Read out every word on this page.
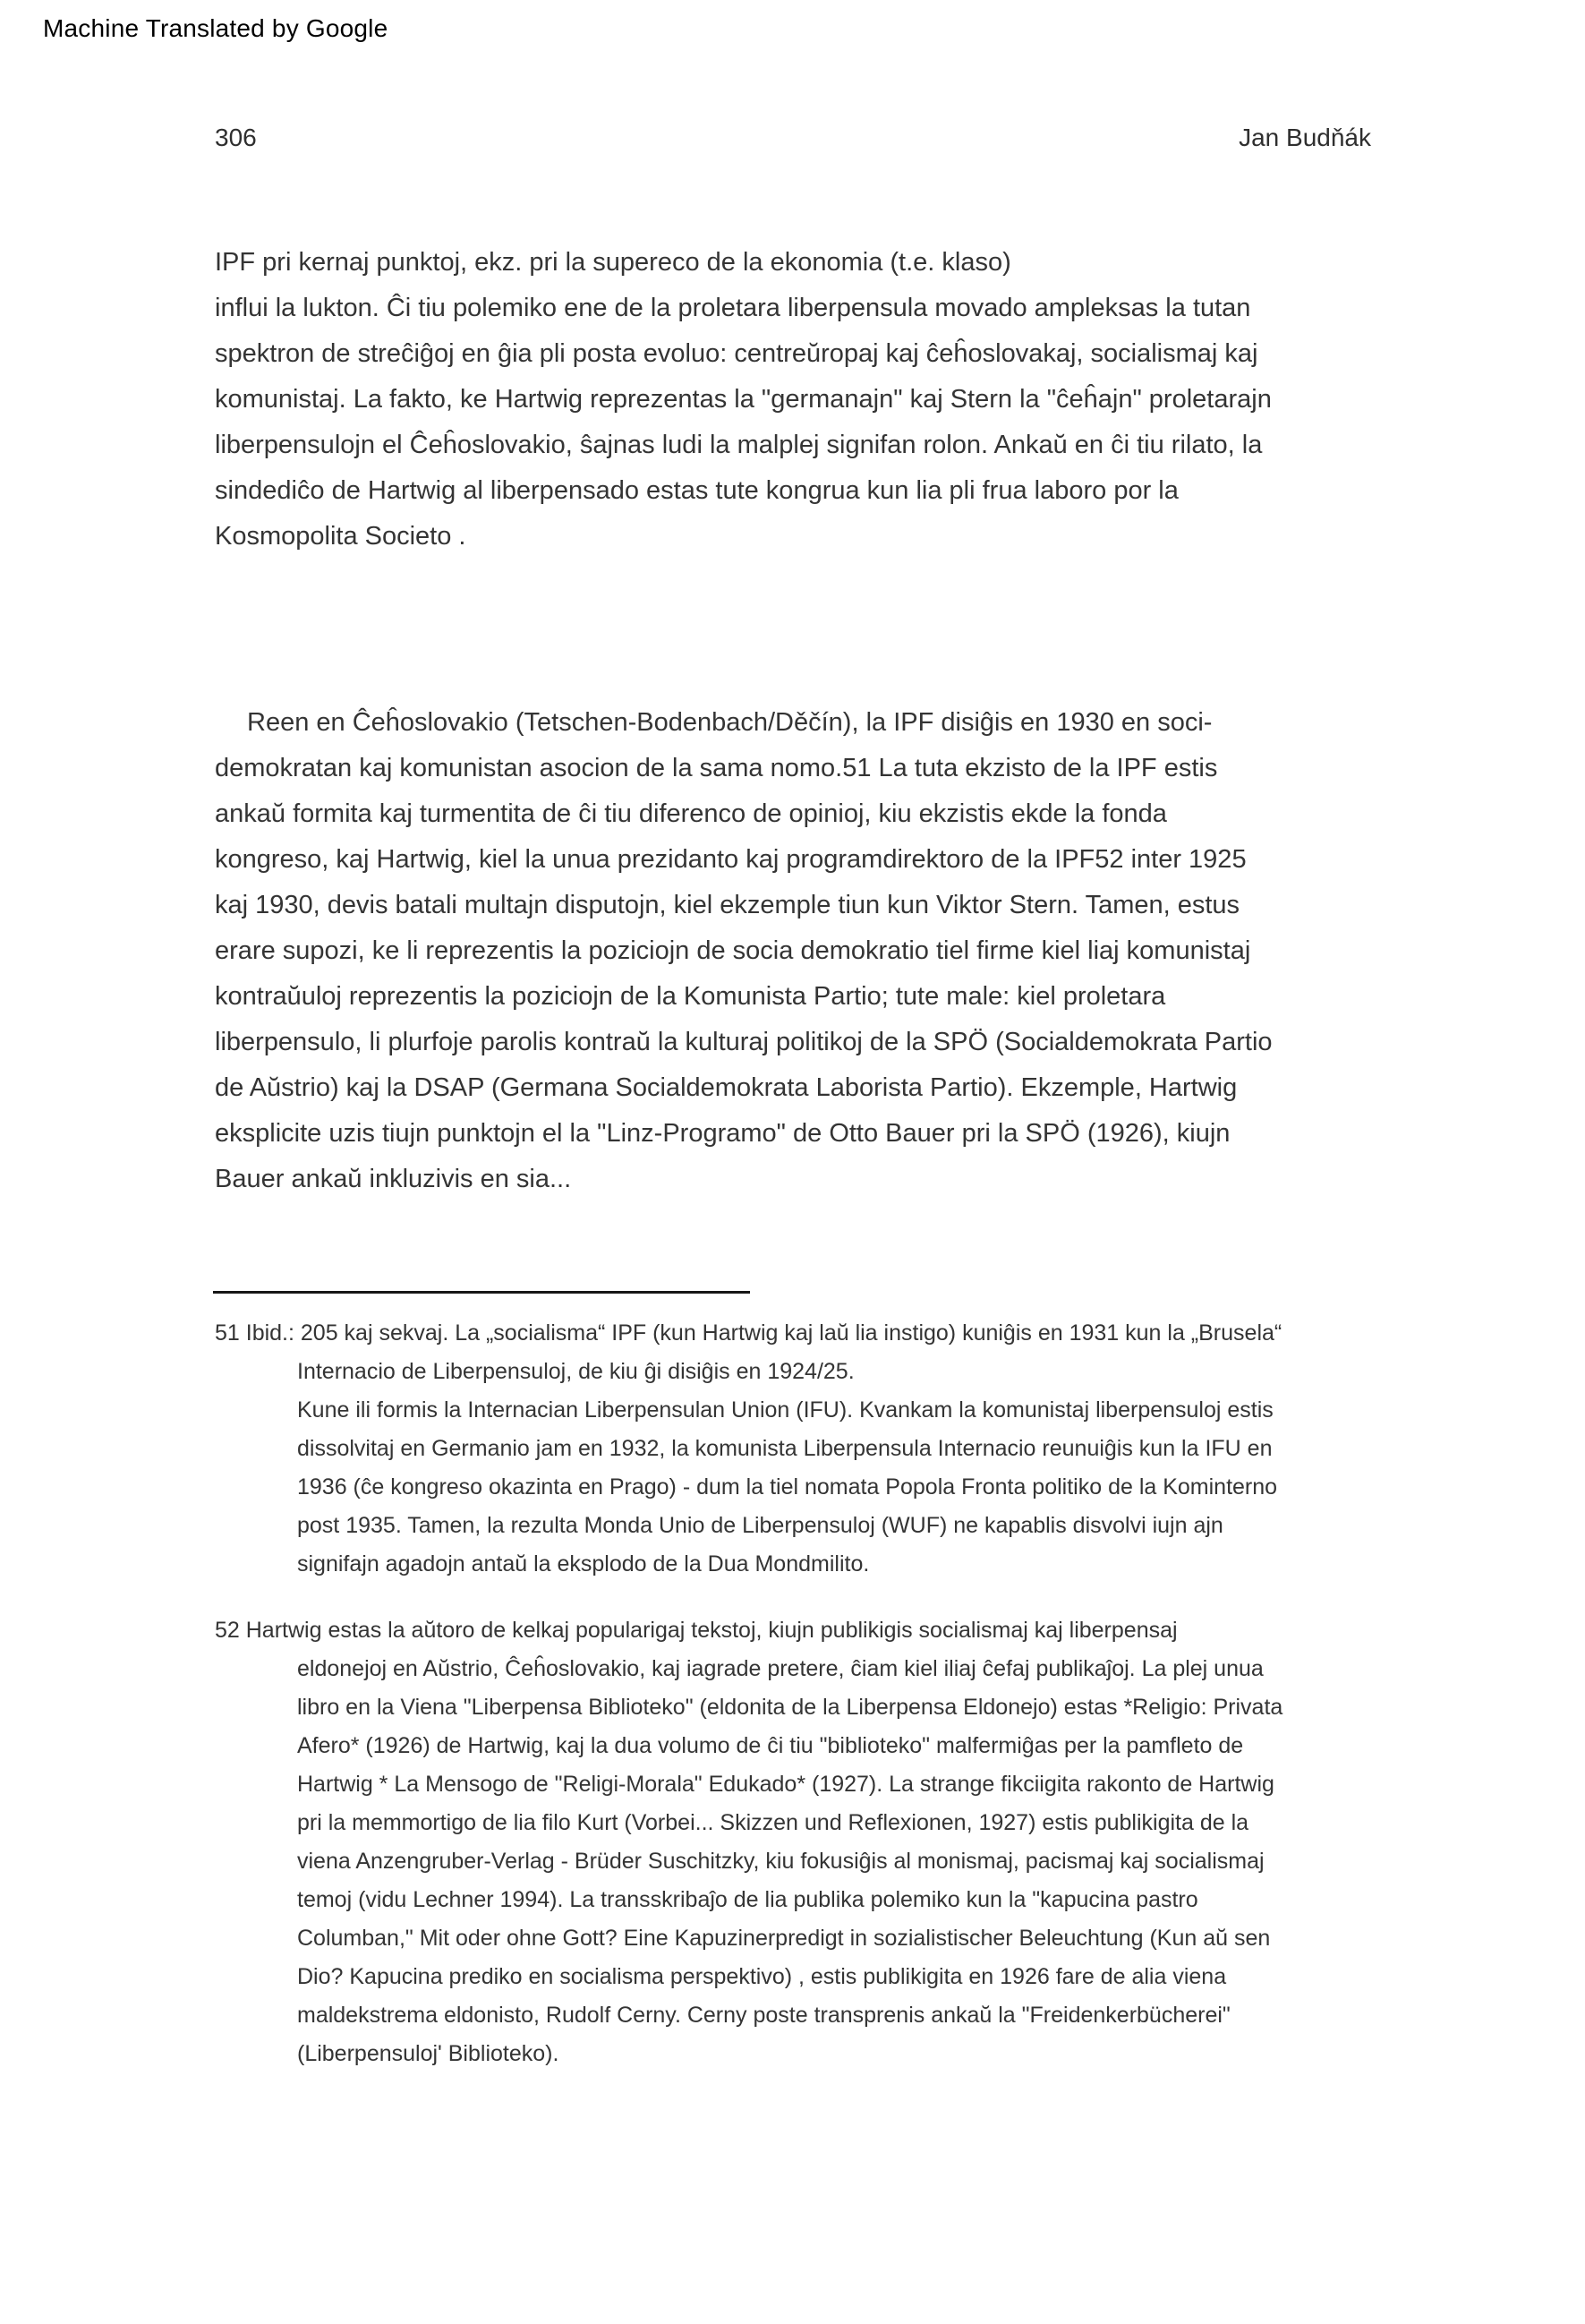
Machine Translated by Google
306	Jan Budňák
IPF pri kernaj punktoj, ekz. pri la supereco de la ekonomia (t.e. klaso)
influi la lukton. Ĉi tiu polemiko ene de la proletara liberpensula movado ampleksas la tutan
spektron de streĉiĝoj en ĝia pli posta evoluo: centreŭropaj kaj ĉeĥoslovakaj, socialismaj kaj
komunistaj. La fakto, ke Hartwig reprezentas la "germanajn" kaj Stern la "ĉeĥajn" proletarajn
liberpensulojn el Ĉeĥoslovakio, ŝajnas ludi la malplej signifan rolon. Ankaŭ en ĉi tiu rilato, la
sindediĉo de Hartwig al liberpensado estas tute kongrua kun lia pli frua laboro por la
Kosmopolita Societo .
Reen en Ĉeĥoslovakio (Tetschen-Bodenbach/Děčín), la IPF disiĝis en 1930 en soci-
demokratan kaj komunistan asocion de la sama nomo.51 La tuta ekzisto de la IPF estis
ankaŭ formita kaj turmentita de ĉi tiu diferenco de opinioj, kiu ekzistis ekde la fonda
kongreso, kaj Hartwig, kiel la unua prezidanto kaj programdirektoro de la IPF52 inter 1925
kaj 1930, devis batali multajn disputojn, kiel ekzemple tiun kun Viktor Stern. Tamen, estus
erare supozi, ke li reprezentis la poziciojn de socia demokratio tiel firme kiel liaj komunistaj
kontraŭuloj reprezentis la poziciojn de la Komunista Partio; tute male: kiel proletara
liberpensulo, li plurfoje parolis kontraŭ la kulturaj politikoj de la SPÖ (Socialdemokrata Partio
de Aŭstrio) kaj la DSAP (Germana Socialdemokrata Laborista Partio). Ekzemple, Hartwig
eksplicite uzis tiujn punktojn el la "Linz-Programo" de Otto Bauer pri la SPÖ (1926), kiujn
Bauer ankaŭ inkluzivis en sia...
51 Ibid.: 205 kaj sekvaj. La „socialisma“ IPF (kun Hartwig kaj laŭ lia instigo) kuniĝis en 1931 kun la „Brusela“
Internacio de Liberpensuloj, de kiu ĝi disiĝis en 1924/25.
Kune ili formis la Internacian Liberpensulan Union (IFU). Kvankam la komunistaj liberpensuloj estis
dissolvitaj en Germanio jam en 1932, la komunista Liberpensula Internacio reunuiĝis kun la IFU en
1936 (ĉe kongreso okazinta en Prago) - dum la tiel nomata Popola Fronta politiko de la Kominterno
post 1935. Tamen, la rezulta Monda Unio de Liberpensuloj (WUF) ne kapablis disvolvi iujn ajn
signifajn agadojn antaŭ la eksplodo de la Dua Mondmilito.
52 Hartwig estas la aŭtoro de kelkaj popularigaj tekstoj, kiujn publikigis socialismaj kaj liberpensaj
eldonejoj en Aŭstrio, Ĉeĥoslovakio, kaj iagrade pretere, ĉiam kiel iliaj ĉefaj publikaĵoj. La plej unua
libro en la Viena "Liberpensa Biblioteko" (eldonita de la Liberpensa Eldonejo) estas *Religio: Privata
Afero* (1926) de Hartwig, kaj la dua volumo de ĉi tiu "biblioteko" malfermiĝas per la pamfleto de
Hartwig * La Mensogo de "Religi-Morala" Edukado* (1927). La strange fikciigita rakonto de Hartwig
pri la memmortigo de lia filo Kurt (Vorbei... Skizzen und Reflexionen, 1927) estis publikigita de la
viena Anzengruber-Verlag - Brüder Suschitzky, kiu fokusiĝis al monismaj, pacismaj kaj socialismaj
temoj (vidu Lechner 1994). La transskribaĵo de lia publika polemiko kun la "kapucina pastro
Columban," Mit oder ohne Gott? Eine Kapuzinerpredigt in sozialistischer Beleuchtung (Kun aŭ sen
Dio? Kapucina prediko en socialisma perspektivo) , estis publikigita en 1926 fare de alia viena
maldekstrema eldonisto, Rudolf Cerny. Cerny poste transprenis ankaŭ la "Freidenkerbücherei"
(Liberpensuloj' Biblioteko).
